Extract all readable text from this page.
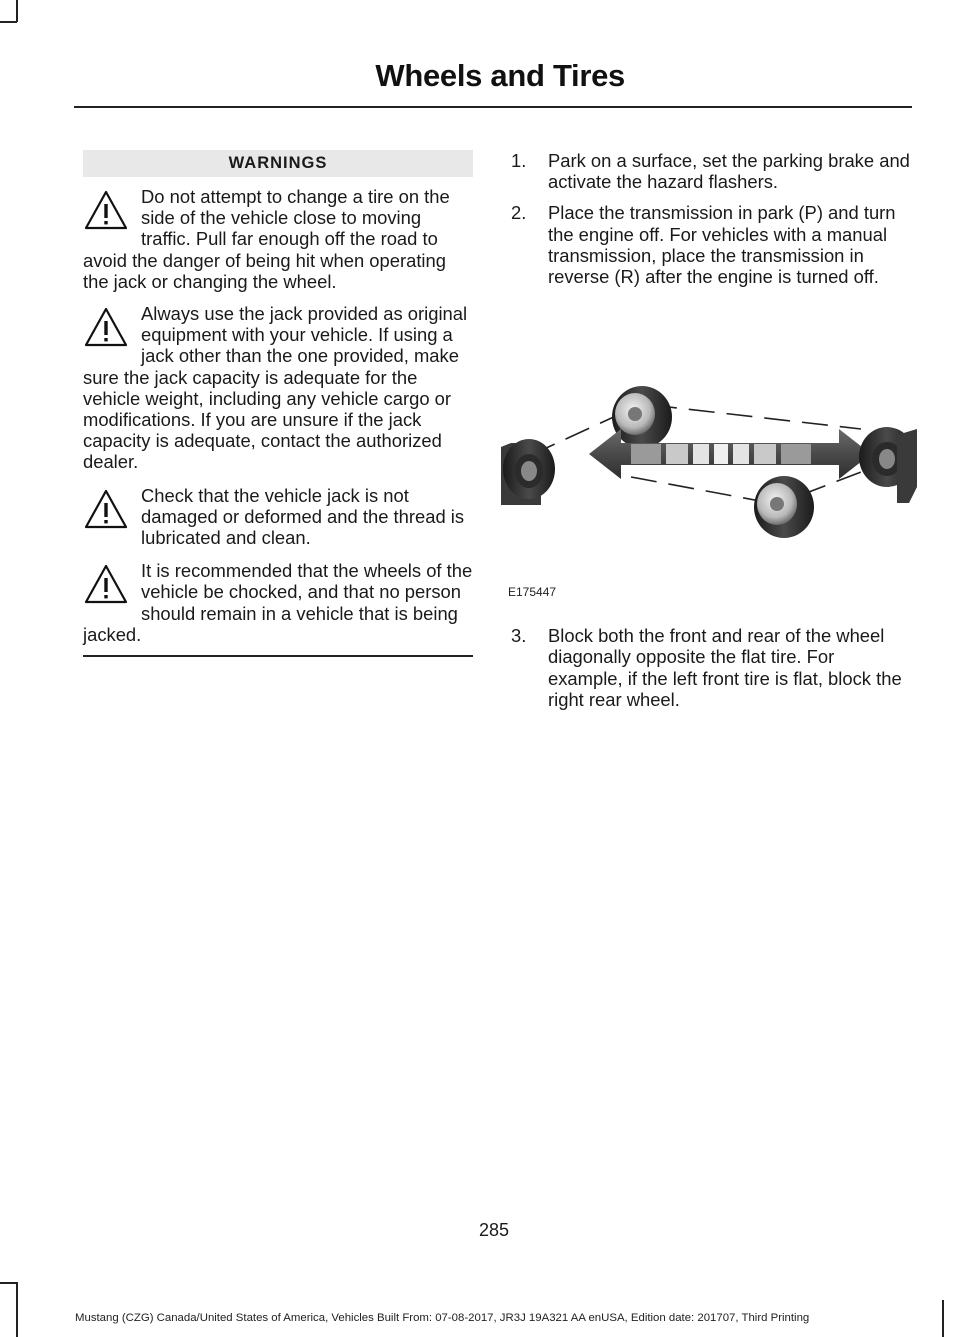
Wheels and Tires
WARNINGS

Do not attempt to change a tire on the side of the vehicle close to moving traffic. Pull far enough off the road to avoid the danger of being hit when operating the jack or changing the wheel.

Always use the jack provided as original equipment with your vehicle. If using a jack other than the one provided, make sure the jack capacity is adequate for the vehicle weight, including any vehicle cargo or modifications. If you are unsure if the jack capacity is adequate, contact the authorized dealer.

Check that the vehicle jack is not damaged or deformed and the thread is lubricated and clean.

It is recommended that the wheels of the vehicle be chocked, and that no person should remain in a vehicle that is being jacked.

1. Park on a surface, set the parking brake and activate the hazard flashers.
2. Place the transmission in park (P) and turn the engine off. For vehicles with a manual transmission, place the transmission in reverse (R) after the engine is turned off.
E175447
3. Block both the front and rear of the wheel diagonally opposite the flat tire. For example, if the left front tire is flat, block the right rear wheel.
285
Mustang (CZG) Canada/United States of America, Vehicles Built From: 07-08-2017, JR3J 19A321 AA enUSA, Edition date: 201707, Third Printing
